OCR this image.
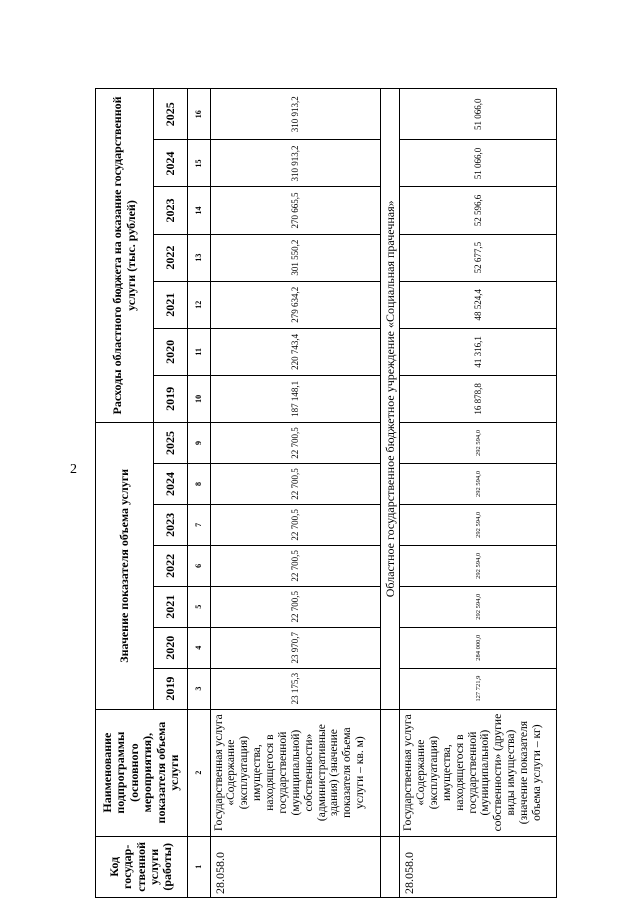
2
Код государ-ственной услуги (работы)	Наименование подпрограммы (основного мероприятия), показателя объема услуги	Значение показателя объема услуги							Расходы областного бюджета на оказание государственной услуги (тыс. рублей)						
		2019	2020	2021	2022	2023	2024	2025	2019	2020	2021	2022	2023	2024	2025
1	2	3	4	5	6	7	8	9	10	11	12	13	14	15	16
28.058.0	Государственная услуга «Содержание (эксплуатация) имущества, находящегося в государственной (муниципальной) собственности» (административные здания) (значение показателя объема услуги – кв. м)	23 175,3	23 970,7	22 700,5	22 700,5	22 700,5	22 700,5	22 700,5	187 148,1	220 743,4	279 634,2	301 550,2	270 665,5	310 913,2	310 913,2
		Областное государственное бюджетное учреждение «Социальная прачечная»													
28.058.0	Государственная услуга «Содержание (эксплуатация) имущества, находящегося в государственной (муниципальной) собственности» (другие виды имущества) (значение показателя объема услуги – кг)	127 721,9	284 000,0	292 594,0	292 594,0	292 594,0	292 594,0	292 594,0	16 878,8	41 316,1	48 524,4	52 677,5	52 596,6	51 066,0	51 066,0
